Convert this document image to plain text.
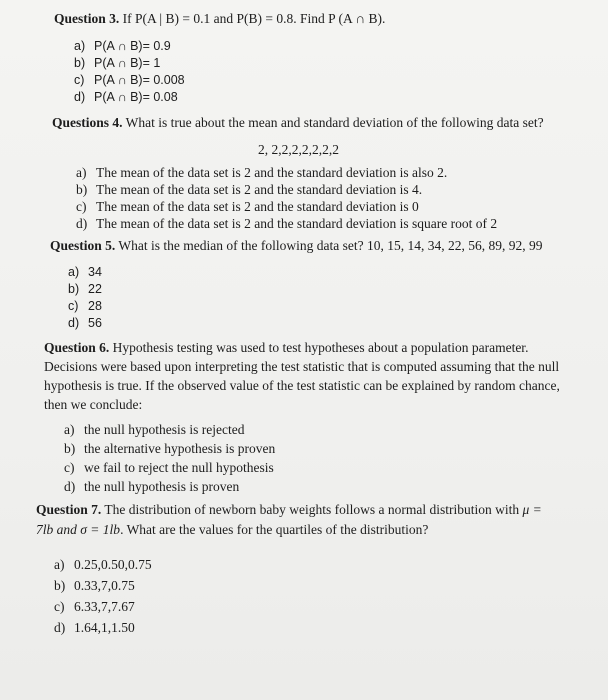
Question 3. If P(A | B) = 0.1 and P(B) = 0.8. Find P (A ∩ B).
a) P(A ∩ B)= 0.9
b) P(A ∩ B)= 1
c) P(A ∩ B)= 0.008
d) P(A ∩ B)= 0.08
Questions 4. What is true about the mean and standard deviation of the following data set?
2, 2,2,2,2,2,2,2
a) The mean of the data set is 2 and the standard deviation is also 2.
b) The mean of the data set is 2 and the standard deviation is 4.
c) The mean of the data set is 2 and the standard deviation is 0
d) The mean of the data set is 2 and the standard deviation is square root of 2
Question 5. What is the median of the following data set? 10, 15, 14, 34, 22, 56, 89, 92, 99
a) 34
b) 22
c) 28
d) 56
Question 6. Hypothesis testing was used to test hypotheses about a population parameter.
Decisions were based upon interpreting the test statistic that is computed assuming that the null
hypothesis is true. If the observed value of the test statistic can be explained by random chance,
then we conclude:
a) the null hypothesis is rejected
b) the alternative hypothesis is proven
c) we fail to reject the null hypothesis
d) the null hypothesis is proven
Question 7. The distribution of newborn baby weights follows a normal distribution with μ =
7lb and σ = 1lb. What are the values for the quartiles of the distribution?
a) 0.25,0.50,0.75
b) 0.33,7,0.75
c) 6.33,7,7.67
d) 1.64,1,1.50
